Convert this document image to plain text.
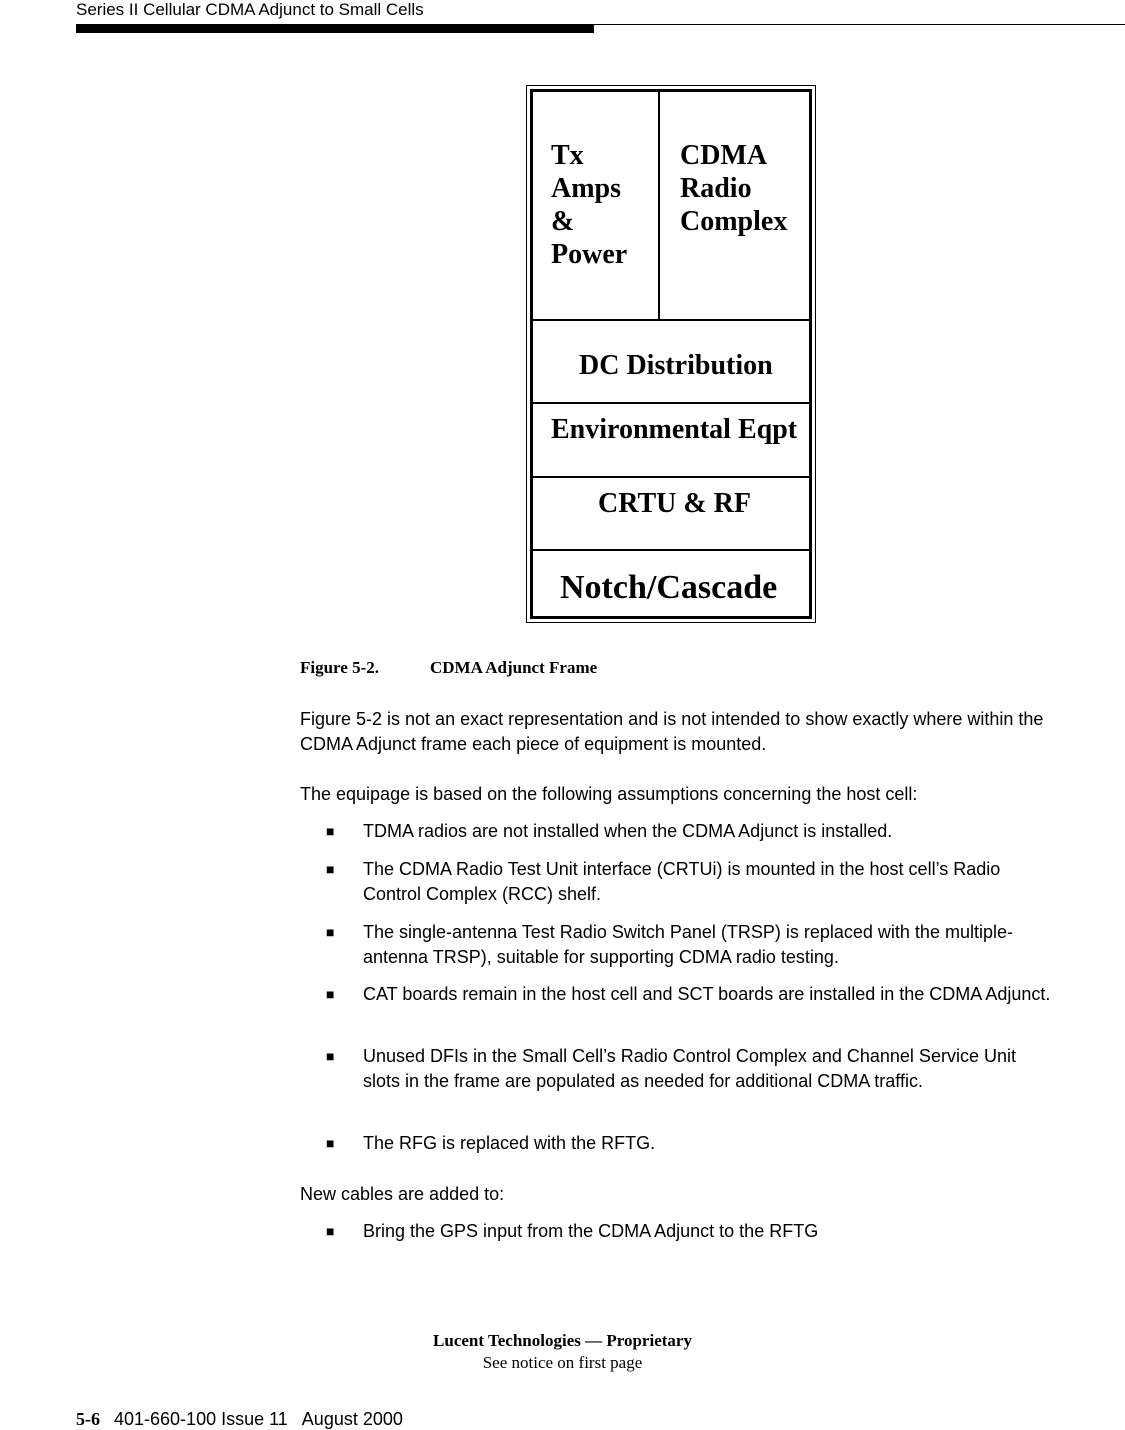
Series II Cellular CDMA Adjunct to Small Cells
Tx
Amps
&
Power
CDMA
Radio
Complex
DC Distribution
Environmental Eqpt
CRTU & RF
Notch/Cascade
Figure 5-2.	CDMA Adjunct Frame
Figure 5-2 is not an exact representation and is not intended to show exactly where within the CDMA Adjunct frame each piece of equipment is mounted.
The equipage is based on the following assumptions concerning the host cell:
■ TDMA radios are not installed when the CDMA Adjunct is installed.
■ The CDMA Radio Test Unit interface (CRTUi) is mounted in the host cell’s Radio Control Complex (RCC) shelf.
■ The single-antenna Test Radio Switch Panel (TRSP) is replaced with the multiple-antenna TRSP), suitable for supporting CDMA radio testing.
■ CAT boards remain in the host cell and SCT boards are installed in the CDMA Adjunct.
■ Unused DFIs in the Small Cell’s Radio Control Complex and Channel Service Unit slots in the frame are populated as needed for additional CDMA traffic.
■ The RFG is replaced with the RFTG.
New cables are added to:
■ Bring the GPS input from the CDMA Adjunct to the RFTG
Lucent Technologies — Proprietary
See notice on first page
5-6 401-660-100 Issue 11 August 2000
